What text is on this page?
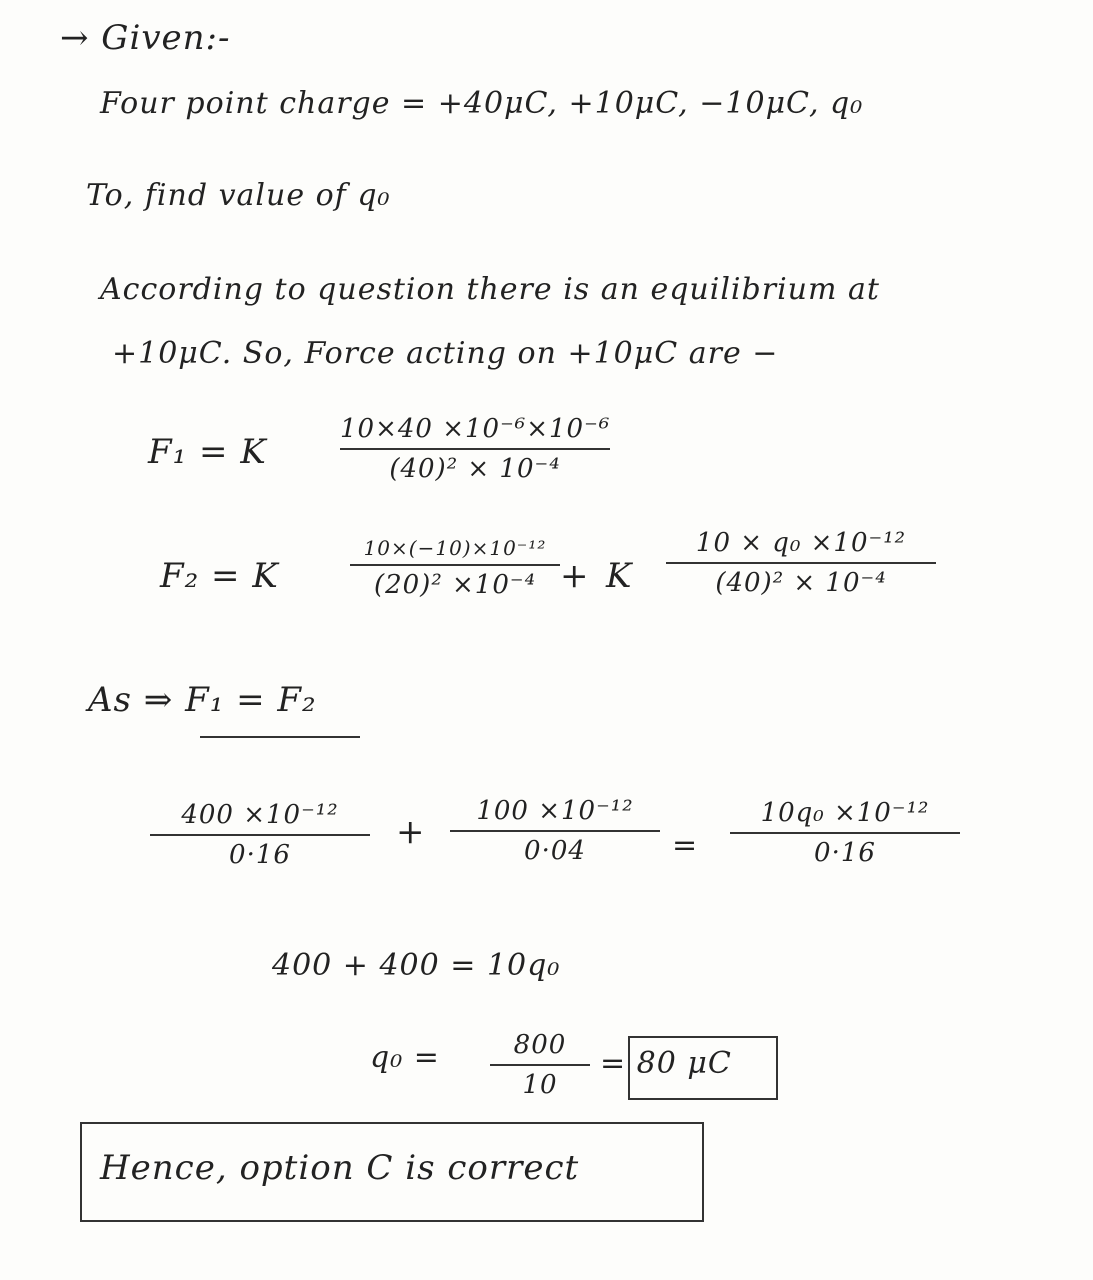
→ Given:-
Four point charge = +40μC, +10μC, −10μC, q₀
To, find value of q₀
According to question there is an equilibrium at
+10μC. So, Force acting on +10μC are −
F₁ = K
10×40 ×10⁻⁶×10⁻⁶
(40)² × 10⁻⁴
F₂ = K
10×(−10)×10⁻¹²
(20)² ×10⁻⁴ + K
10 × q₀ ×10⁻¹²
(40)² × 10⁻⁴
As ⇒ F₁ = F₂
400 ×10⁻¹²
0·16
+
100 ×10⁻¹²
0·04	=
10q₀ ×10⁻¹²
0·16
400 + 400 = 10q₀
q₀ =	800
10
= 80 μC
Hence, option C is correct
